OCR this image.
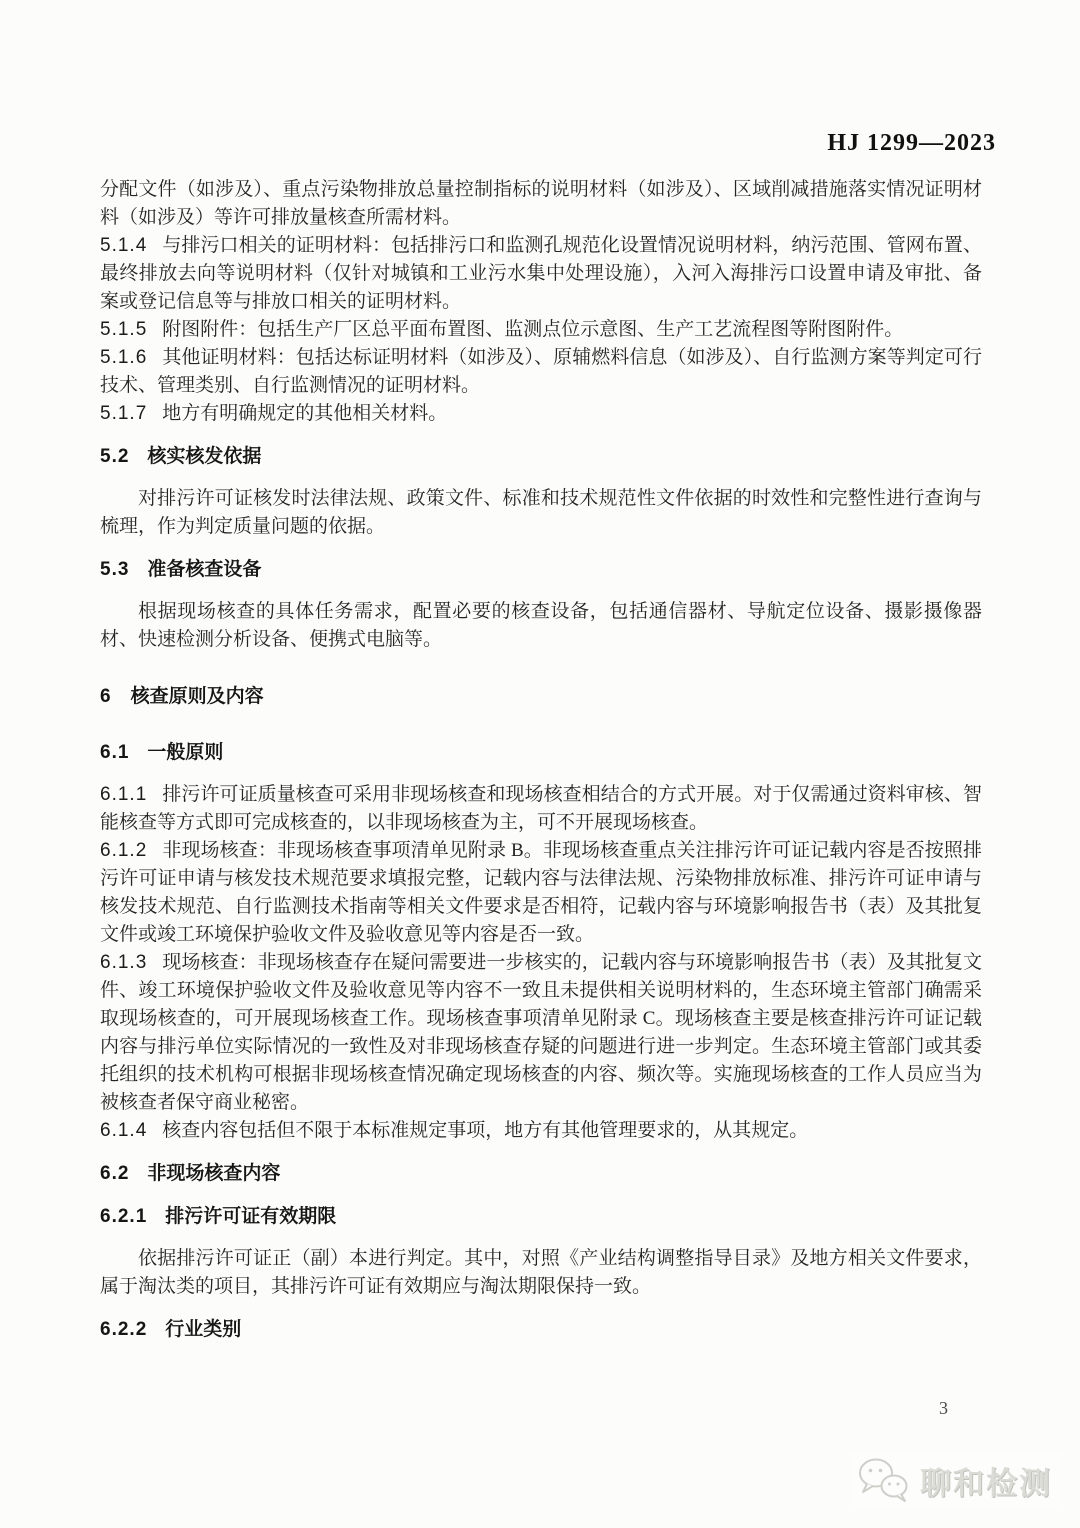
HJ 1299—2023

分配文件（如涉及）、重点污染物排放总量控制指标的说明材料（如涉及）、区域削减措施落实情况证明材料（如涉及）等许可排放量核查所需材料。

5.1.4 与排污口相关的证明材料：包括排污口和监测孔规范化设置情况说明材料，纳污范围、管网布置、最终排放去向等说明材料（仅针对城镇和工业污水集中处理设施），入河入海排污口设置申请及审批、备案或登记信息等与排放口相关的证明材料。

5.1.5 附图附件：包括生产厂区总平面布置图、监测点位示意图、生产工艺流程图等附图附件。

5.1.6 其他证明材料：包括达标证明材料（如涉及）、原辅燃料信息（如涉及）、自行监测方案等判定可行技术、管理类别、自行监测情况的证明材料。

5.1.7 地方有明确规定的其他相关材料。

5.2 核实核发依据

对排污许可证核发时法律法规、政策文件、标准和技术规范性文件依据的时效性和完整性进行查询与梳理，作为判定质量问题的依据。

5.3 准备核查设备

根据现场核查的具体任务需求，配置必要的核查设备，包括通信器材、导航定位设备、摄影摄像器材、快速检测分析设备、便携式电脑等。

6 核查原则及内容
6.1 一般原则

6.1.1 排污许可证质量核查可采用非现场核查和现场核查相结合的方式开展。对于仅需通过资料审核、智能核查等方式即可完成核查的，以非现场核查为主，可不开展现场核查。

6.1.2 非现场核查：非现场核查事项清单见附录 B。非现场核查重点关注排污许可证记载内容是否按照排污许可证申请与核发技术规范要求填报完整，记载内容与法律法规、污染物排放标准、排污许可证申请与核发技术规范、自行监测技术指南等相关文件要求是否相符，记载内容与环境影响报告书（表）及其批复文件或竣工环境保护验收文件及验收意见等内容是否一致。

6.1.3 现场核查：非现场核查存在疑问需要进一步核实的，记载内容与环境影响报告书（表）及其批复文件、竣工环境保护验收文件及验收意见等内容不一致且未提供相关说明材料的，生态环境主管部门确需采取现场核查的，可开展现场核查工作。现场核查事项清单见附录 C。现场核查主要是核查排污许可证记载内容与排污单位实际情况的一致性及对非现场核查存疑的问题进行进一步判定。生态环境主管部门或其委托组织的技术机构可根据非现场核查情况确定现场核查的内容、频次等。实施现场核查的工作人员应当为被核查者保守商业秘密。

6.1.4 核查内容包括但不限于本标准规定事项，地方有其他管理要求的，从其规定。

6.2 非现场核查内容
6.2.1 排污许可证有效期限

依据排污许可证正（副）本进行判定。其中，对照《产业结构调整指导目录》及地方相关文件要求，属于淘汰类的项目，其排污许可证有效期应与淘汰期限保持一致。

6.2.2 行业类别
3
聊和检测
